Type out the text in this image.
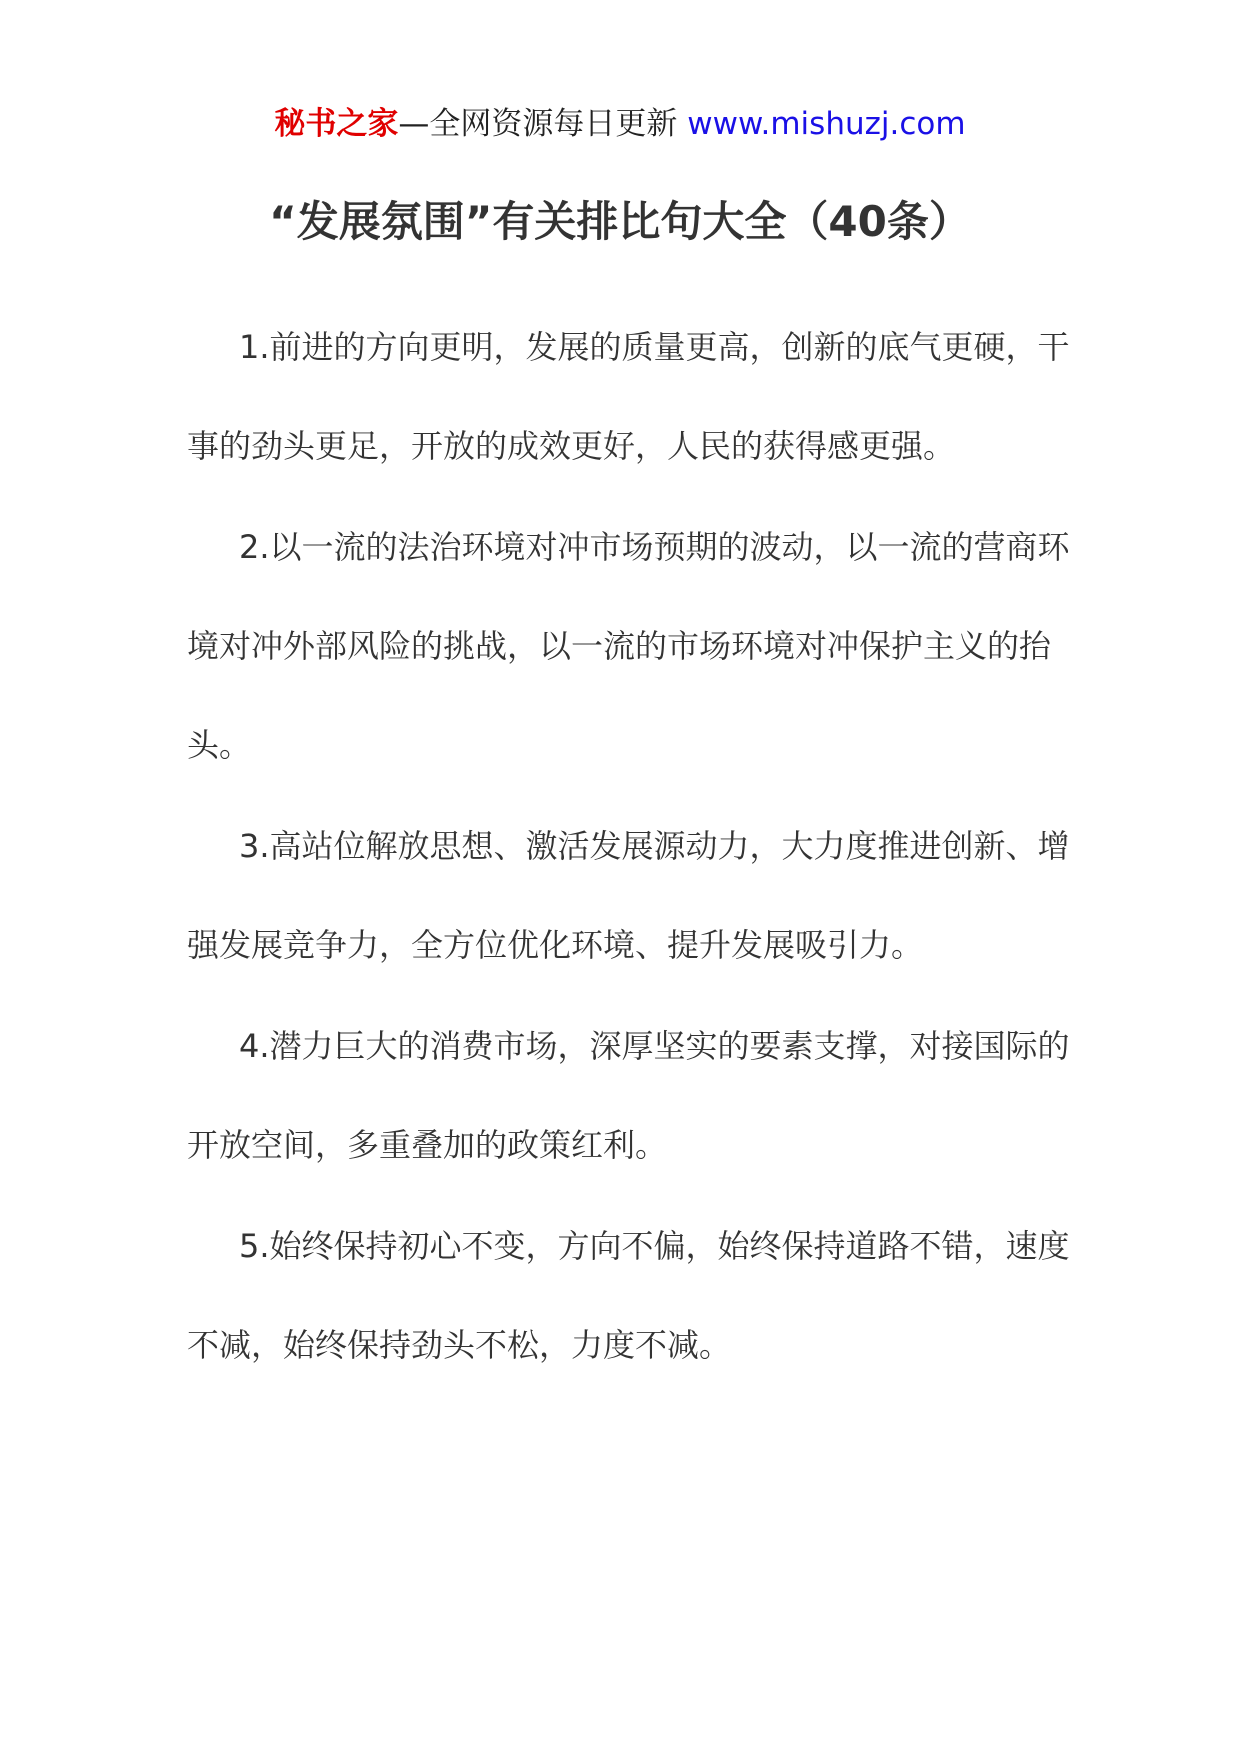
秘书之家—全网资源每日更新 www.mishuzj.com
“发展氛围”有关排比句大全（40条）

1.前进的方向更明，发展的质量更高，创新的底气更硬，干事的劲头更足，开放的成效更好，人民的获得感更强。

2.以一流的法治环境对冲市场预期的波动，以一流的营商环境对冲外部风险的挑战，以一流的市场环境对冲保护主义的抬头。

3.高站位解放思想、激活发展源动力，大力度推进创新、增强发展竞争力，全方位优化环境、提升发展吸引力。

4.潜力巨大的消费市场，深厚坚实的要素支撑，对接国际的开放空间，多重叠加的政策红利。

5.始终保持初心不变，方向不偏，始终保持道路不错，速度不减，始终保持劲头不松，力度不减。
